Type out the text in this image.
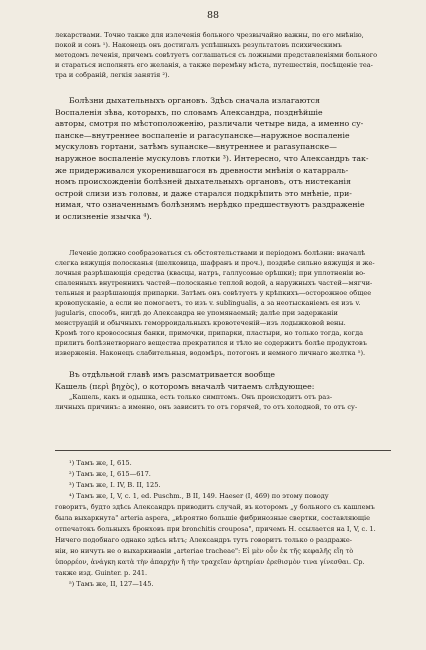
88

лекарствами. Точно также для излеченія больного чрезвычайно важны, по его мнѣнію,

покой и сонъ ¹). Наконецъ онъ достигалъ успѣшныхъ результатовъ психическимъ

методомъ леченія, причемъ совѣтуетъ соглашаться съ ложными представленіями больного

и стараться исполнять его желанія, а также перемѣну мѣста, путешествія, посѣщеніе теа-

тра и собраній, легкія занятія ²).

Болѣзни дыхательныхъ органовъ. Здѣсь сначала излагаются

Воспаленія зѣва, которыхъ, по словамъ Александра, позднѣйшіе

авторы, смотря по мѣстоположенію, различали четыре вида, а именно су-

панске—внутреннее воспаленіе и parасупанске—наружное воспаленіе

мускуловъ гортани, затѣмъ sупанске—внутреннее и parasупанске—

наружное воспаленіе мускуловъ глотки ³). Интересно, что Александръ так-

же придерживался укоренившагося въ древности мнѣнія о катарраль-

номъ происхожденіи болѣзней дыхательныхъ органовъ, отъ нистеканія

острой слизи изъ головы, и даже старался подкрѣпить это мнѣніе, при-

нимая, что означеннымъ болѣзнямъ нерѣдко предшествуютъ раздраженіе

и ослизненіе язычка ⁴).

Леченіе должно сообразоваться съ обстоятельствами и періодомъ болѣзни: вначалѣ

слегка вяжущія полосканья (шелковица, шафранъ и проч.), позднѣе сильно вяжущія и же-

лочныя разрѣшающія средства (квасцы, натръ, галлусовые орѣшки); при уплотненіи во-

спаленныхъ внутреннихъ частей—полосканье теплой водой, а наружныхъ частей—мягчи-

тельныя и разрѣшающія припарки. Затѣмъ онъ совѣтуетъ у крѣпкихъ—осторожное общее

кровопусканіе, а если не помогаетъ, то изъ v. sublingualis, а за неотысканіемъ ея изъ v.

jugularis, способъ, нигдѣ до Александра не упомянаемый; далѣе при задержаніи

менструацій и обычныхъ геморроидальныхъ кровотеченій—изъ лодыжковой вены.

Кромѣ того кровососныя банки, примочки, припарки, пластыри, но только тогда, когда

прилитъ болѣзнетворнаго вещества прекратился и тѣло не содержитъ болѣе продуктовъ

изверженія. Наконецъ слабительныя, водомѣръ, потогонъ и немного личнаго желтка ⁵).

Въ отдѣльной главѣ имъ разсматривается вообще

Кашель (περὶ βηχὸς), о которомъ вначалѣ читаемъ слѣдующее:

„Кашель, какъ и одышка, есть только симптомъ. Онъ происходитъ отъ раз-

личныхъ причинъ: а именно, онъ зависитъ то отъ горячей, то отъ холодной, то отъ су-

¹) Тамъ же, I, 615.

²) Тамъ же, I, 615—617.

³) Тамъ же, I. IV, В. II, 125.

⁴) Тамъ же, I, V, c. 1, ed. Puschm., В II, 149. Haeser (I, 469) по этому поводу

говоритъ, будто здѣсь Александръ приводитъ случай, въ которомъ „у больного съ кашлемъ

была выхаркнута" arteria aspera, „вѣроятно большіе фибринозные свертки, составляющіе

отпечатокъ больныхъ бронховъ при bronchitis crouposa", причемъ H. ссылается на I, V, с. 1.

Ничего подобнаго однако здѣсь нѣтъ; Александръ тутъ говоритъ только о раздраже-

ніи, но ничуть не о выхаркиваніи „arteriae tracheae": Εἰ μὲν οὖν ἐκ τῆς κεφαλῆς εἴη τὸ

ὑπορρέον, ἀνάγκη κατὰ τὴν ἀπαρχὴν ἤ τὴν τραχεῖαν ἀρτηρίαν ἐρεθισμὸν τινα γίνεσθαι. Ср.

также изд. Guinter. p. 241.

⁵) Тамъ же, II, 127—145.
